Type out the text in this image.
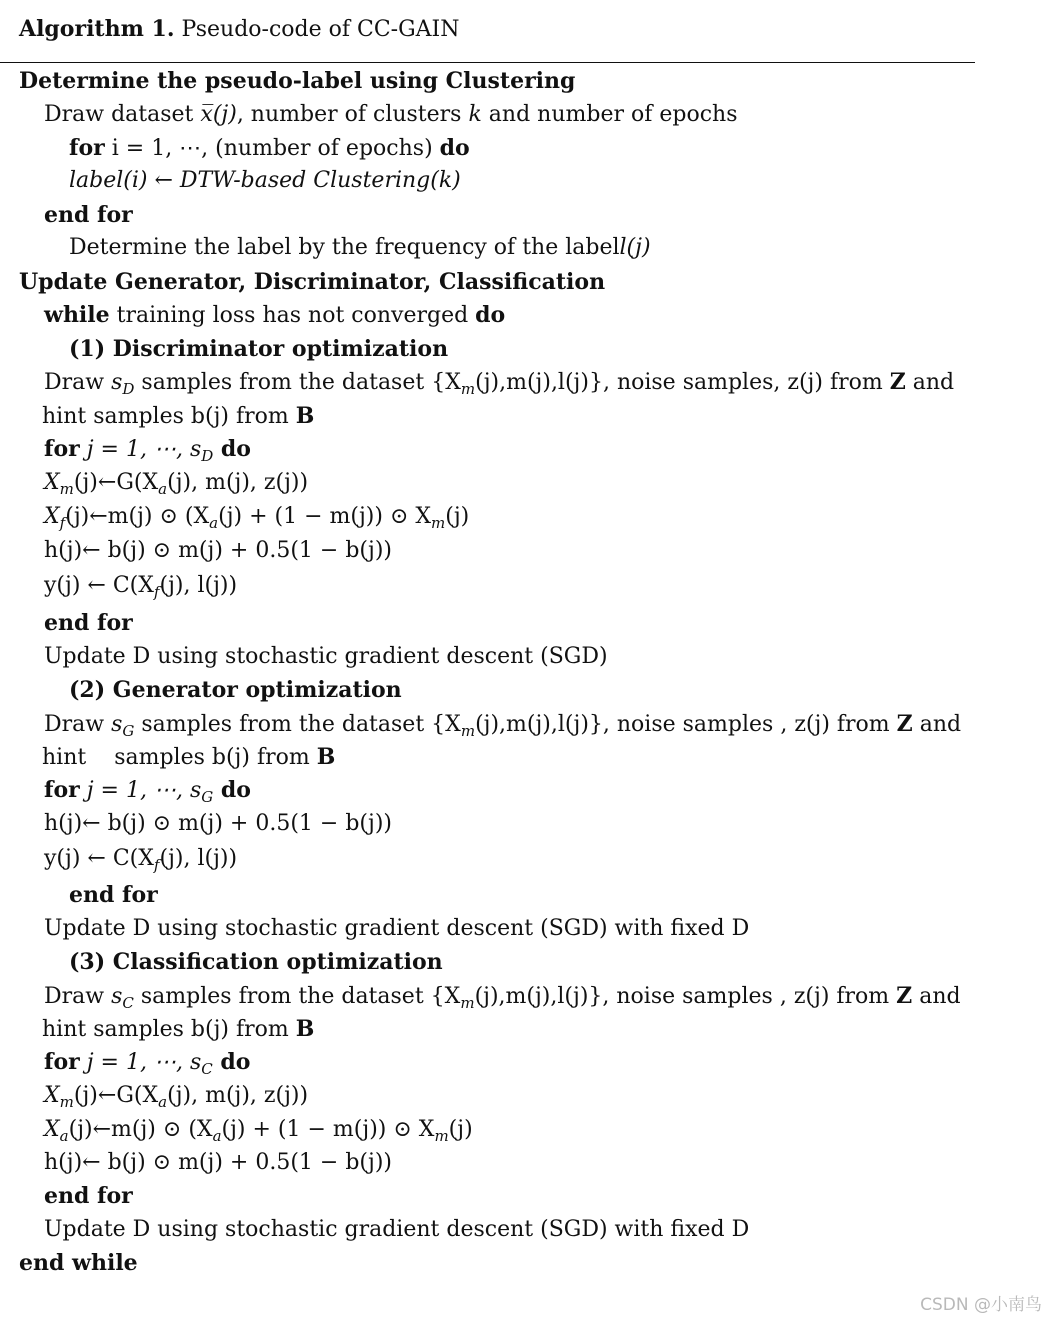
Algorithm 1. Pseudo-code of CC-GAIN
Determine the pseudo-label using Clustering
Draw dataset x̅(j), number of clusters k and number of epochs
for i = 1, ⋯, (number of epochs) do
label(i) ← DTW-based Clustering(k)
end for
Determine the label by the frequency of the labell(j)
Update Generator, Discriminator, Classification
while training loss has not converged do
(1) Discriminator optimization
Draw $s_D$ samples from the dataset $\{X_m(j),m(j),l(j)\}$, noise samples, z(j) from Z and
hint samples b(j) from B
for j = 1, ⋯, $s_D$ do
$X_m(j)\leftarrow G(X_a(j)$, m(j), z(j))
$X_f(j)\leftarrow m(j)$ ⊙ ($X_a(j) + (1 - m(j))$ ⊙ $X_m(j)$
h(j)← b(j) ⊙ m(j) + 0.5(1 − b(j))
y(j) ← $C(X_f(j)$, l(j))
end for
Update D using stochastic gradient descent (SGD)
(2) Generator optimization
Draw $s_G$ samples from the dataset $\{X_m(j),m(j),l(j)\}$, noise samples , z(j) from Z and
hint    samples b(j) from B
for j = 1, ⋯, $s_G$ do
h(j)← b(j) ⊙ m(j) + 0.5(1 − b(j))
y(j) ← $C(X_f(j)$, l(j))
end for
Update D using stochastic gradient descent (SGD) with fixed D
(3) Classification optimization
Draw $s_C$ samples from the dataset $\{X_m(j),m(j),l(j)\}$, noise samples , z(j) from Z and
hint samples b(j) from B
for j = 1, ⋯, $s_C$ do
$X_m(j)\leftarrow G(X_a(j)$, m(j), z(j))
$X_a(j)\leftarrow m(j)$ ⊙ ($X_a(j) + (1 - m(j))$ ⊙ $X_m(j)$
h(j)← b(j) ⊙ m(j) + 0.5(1 − b(j))
end for
Update D using stochastic gradient descent (SGD) with fixed D
end while
CSDN @小南鸟
